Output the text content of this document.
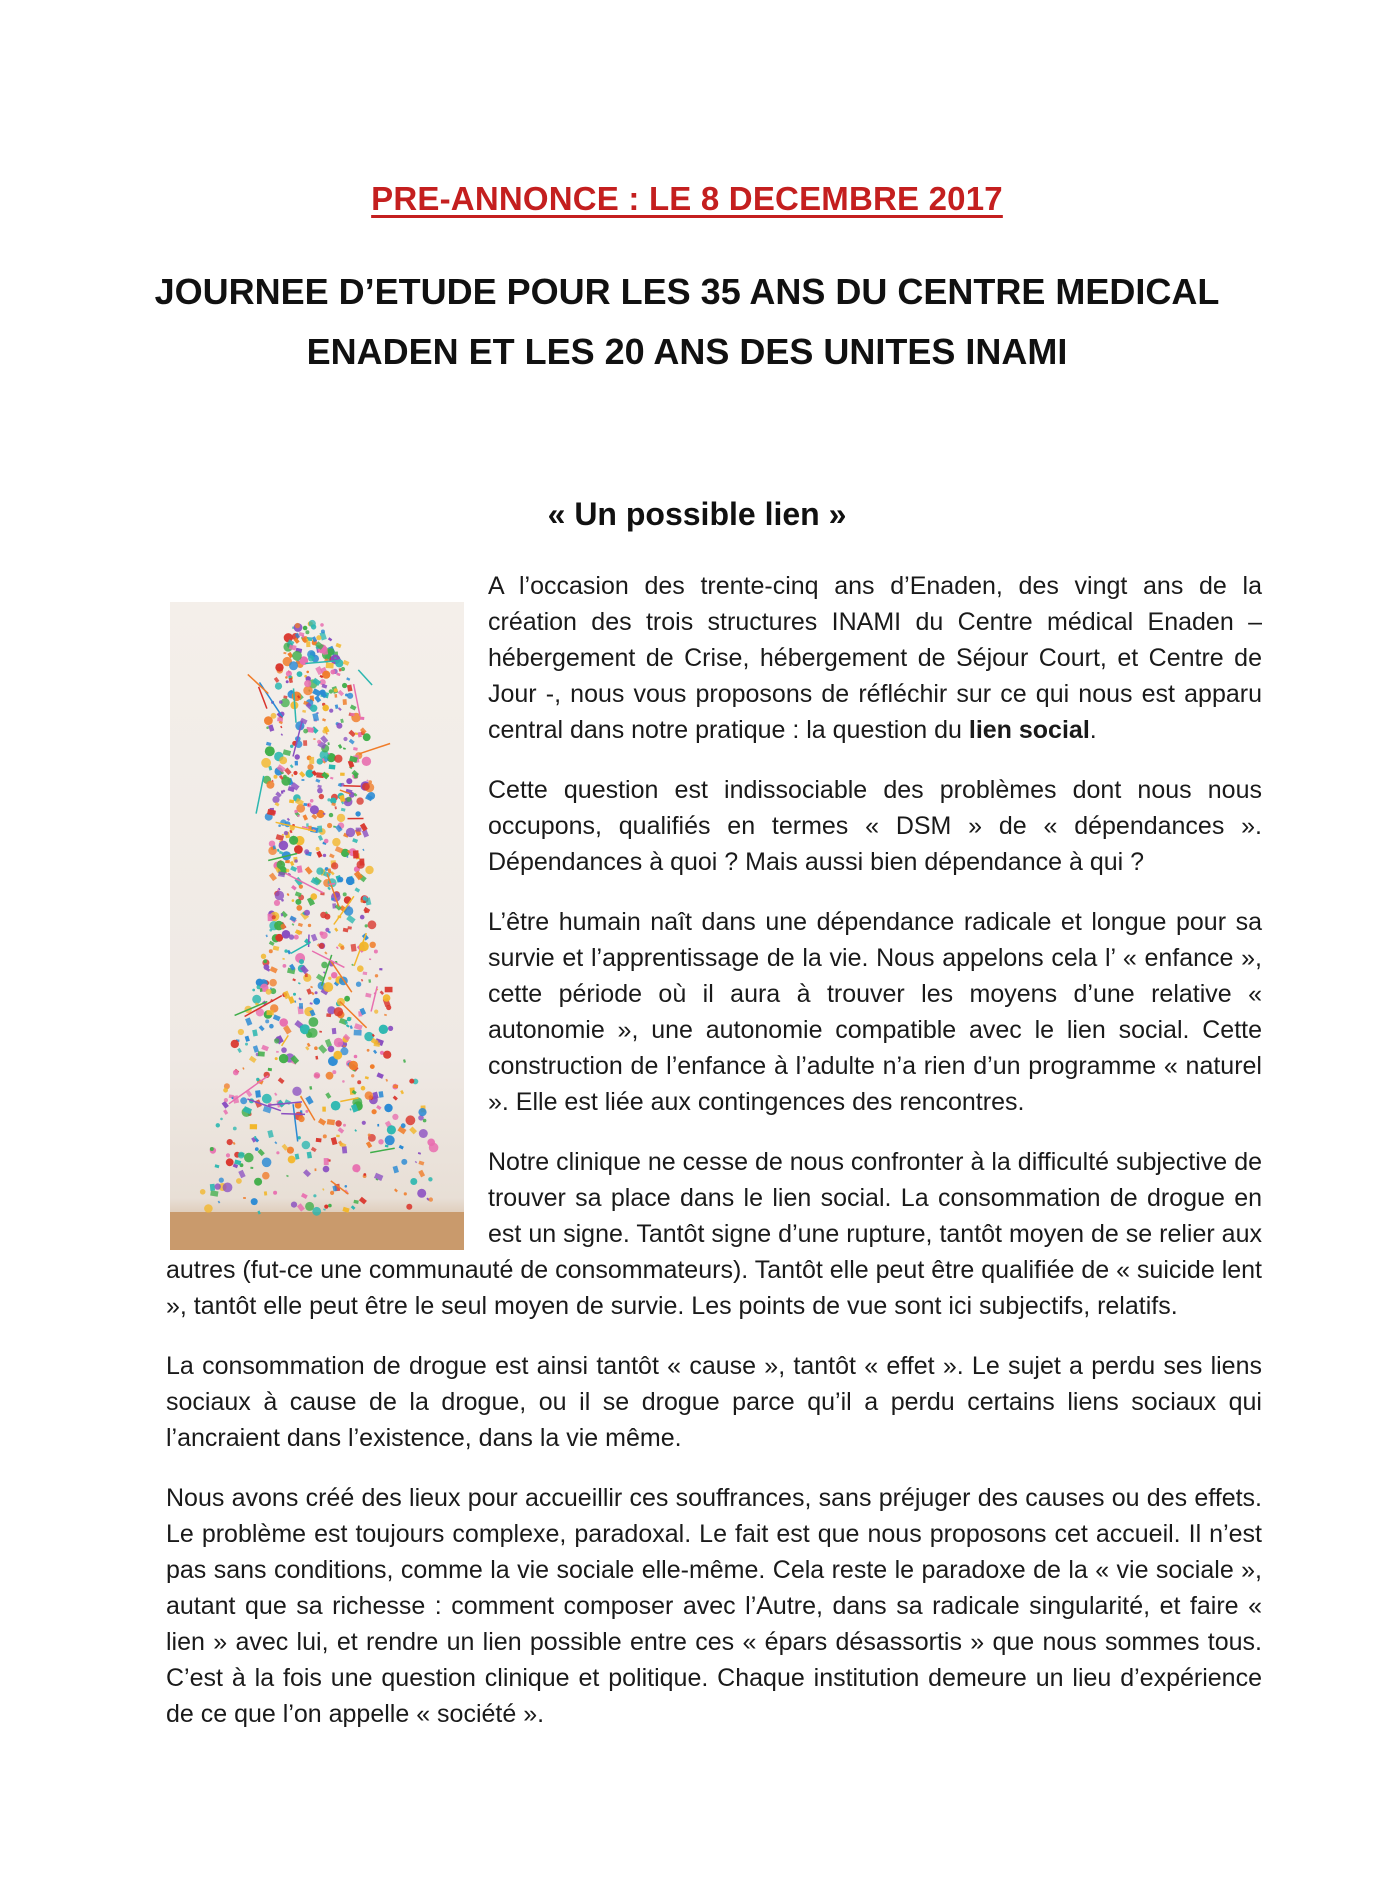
PRE-ANNONCE : LE 8 DECEMBRE 2017
JOURNEE D’ETUDE POUR LES 35 ANS DU CENTRE MEDICAL
ENADEN ET LES 20 ANS DES UNITES INAMI
« Un possible lien »

A l’occasion des trente-cinq ans d’Enaden, des vingt ans de la création des trois structures INAMI du Centre médical Enaden – hébergement de Crise, hébergement de Séjour Court, et Centre de Jour -, nous vous proposons de réfléchir sur ce qui nous est apparu central dans notre pratique : la question du lien social.

Cette question est indissociable des problèmes dont nous nous occupons, qualifiés en termes « DSM » de « dépendances ». Dépendances à quoi ? Mais aussi bien dépendance à qui ?

L’être humain naît dans une dépendance radicale et longue pour sa survie et l’apprentissage de la vie. Nous appelons cela l’ « enfance », cette période où il aura à trouver les moyens d’une relative « autonomie », une autonomie compatible avec le lien social. Cette construction de l’enfance à l’adulte n’a rien d’un programme « naturel ». Elle est liée aux contingences des rencontres.

Notre clinique ne cesse de nous confronter à la difficulté subjective de trouver sa place dans le lien social. La consommation de drogue en est un signe. Tantôt signe d’une rupture, tantôt moyen de se relier aux autres (fut-ce une communauté de consommateurs). Tantôt elle peut être qualifiée de « suicide lent », tantôt elle peut être le seul moyen de survie. Les points de vue sont ici subjectifs, relatifs.

La consommation de drogue est ainsi tantôt « cause », tantôt « effet ». Le sujet a perdu ses liens sociaux à cause de la drogue, ou il se drogue parce qu’il a perdu certains liens sociaux qui l’ancraient dans l’existence, dans la vie même.

Nous avons créé des lieux pour accueillir ces souffrances, sans préjuger des causes ou des effets. Le problème est toujours complexe, paradoxal. Le fait est que nous proposons cet accueil. Il n’est pas sans conditions, comme la vie sociale elle-même. Cela reste le paradoxe de la « vie sociale », autant que sa richesse : comment composer avec l’Autre, dans sa radicale singularité, et faire « lien » avec lui, et rendre un lien possible entre ces « épars désassortis » que nous sommes tous. C’est à la fois une question clinique et politique. Chaque institution demeure un lieu d’expérience de ce que l’on appelle « société ».
